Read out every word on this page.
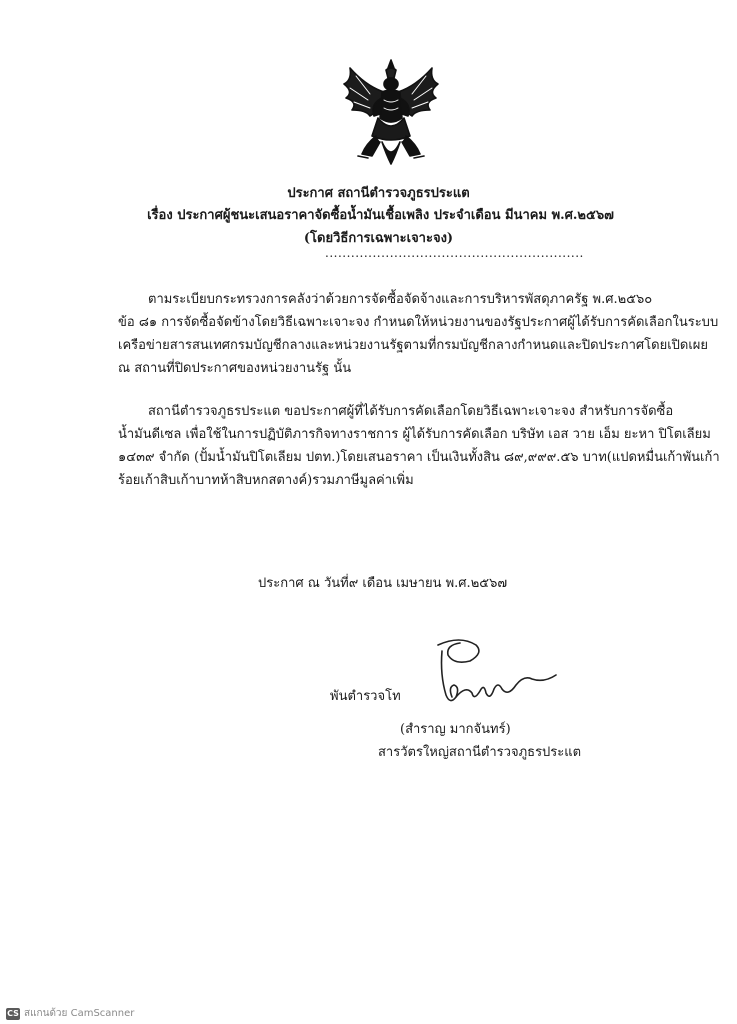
ประกาศ สถานีตำรวจภูธรประแต
เรื่อง ประกาศผู้ชนะเสนอราคาจัดซื้อน้ำมันเชื้อเพลิง ประจำเดือน มีนาคม พ.ศ.๒๕๖๗
(โดยวิธีการเฉพาะเจาะจง)
............................................................
ตามระเบียบกระทรวงการคลังว่าด้วยการจัดซื้อจัดจ้างและการบริหารพัสดุภาครัฐ พ.ศ.๒๕๖๐
ข้อ ๘๑ การจัดซื้อจัดข้างโดยวิธีเฉพาะเจาะจง กำหนดให้หน่วยงานของรัฐประกาศผู้ได้รับการคัดเลือกในระบบ
เครือข่ายสารสนเทศกรมบัญชีกลางและหน่วยงานรัฐตามที่กรมบัญชีกลางกำหนดและปิดประกาศโดยเปิดเผย
ณ สถานที่ปิดประกาศของหน่วยงานรัฐ นั้น
สถานีตำรวจภูธรประแต ขอประกาศผู้ที่ได้รับการคัดเลือกโดยวิธีเฉพาะเจาะจง สำหรับการจัดซื้อ
น้ำมันดีเซล เพื่อใช้ในการปฏิบัติภารกิจทางราชการ ผู้ได้รับการคัดเลือก บริษัท เอส วาย เอ็ม ยะหา ปิโตเลียม
๑๔๓๙ จำกัด (ปั้มน้ำมันปิโตเลียม ปตท.)โดยเสนอราคา เป็นเงินทั้งสิน ๘๙,๙๙๙.๕๖ บาท(แปดหมื่นเก้าพันเก้า
ร้อยเก้าสิบเก้าบาทห้าสิบหกสตางค์)รวมภาษีมูลค่าเพิ่ม
ประกาศ ณ วันที่๙ เดือน เมษายน พ.ศ.๒๕๖๗
พันตำรวจโท
(สำราญ มากจันทร์)
สารวัตรใหญ่สถานีตำรวจภูธรประแต
CS สแกนด้วย CamScanner
